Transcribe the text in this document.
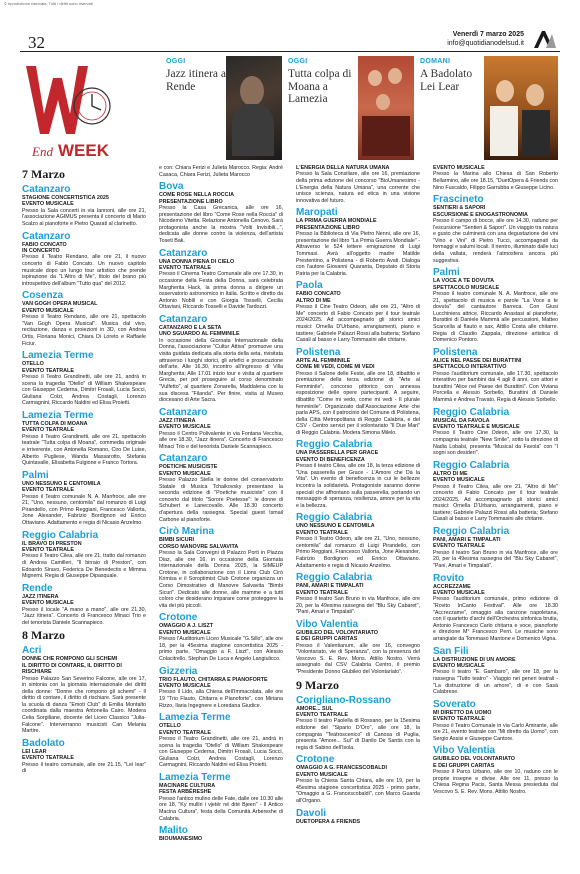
© riproduzione riservata. Tutti i diritti sono riservati
32	Venerdì 7 marzo 2025
info@quotidianodelsud.it
End WEEK
OGGI
Jazz itinera a Rende
OGGI
Tutta colpa di Moana a Lamezia
DOMANI
A Badolato Lei Lear
7 Marzo
Catanzaro
STAGIONE CONCERTISTICA 2025
EVENTO MUSICALE
Presso la Sala concerti in via Iannoni, alle ore 21, l'associazione AGIMUS presenta il concerto di Mario Scalzo al pianoforte e Pietro Quarati al clarinetto.
Catanzaro
FABIO CONCATO
IN CONCERTO
Presso il Teatro Rendano, alle ore 21, il nuovo concerto di Fabio Concato. Un nuovo capitolo musicale dopo un lungo tour artistico che prende ispirazione da "L'Altro di Me", titolo del brano più introspettivo dell'album "Tutto qua" del 2012.
Cosenza
VAN GOGH OPERA MUSICAL
EVENTO MUSICALE
Presso il Teatro Rendano, alle ore 21, spettacolo "Van Gogh Opera Musical". Musica dal vivo, recitazione, danza e proiezioni in 3D, con Andrea Ortis, Floriana Monici, Chiara Di Loreto e Raffaele Ficiur.
Lamezia Terme
OTELLO
EVENTO TEATRALE
Presso il Teatro Grandinetti, alle ore 21, andrà in scena la tragedia "Otello" di William Shakespeare con Giuseppe Cederna, Dimitri Frosali, Lucia Socci, Giuliana Colzi, Andrea Costagli, Lorenzo Carmagnini, Riccardo Naldini ed Elisa Proietti.
Lamezia Terme
TUTTA COLPA DI MOANA
EVENTO TEATRALE
Presso il Teatro Grandinetti, alle ore 21, spettacolo teatrale "Tutta colpa di Moana", commedia originale e irriverente, con Antonella Romano, Ciro De Luise, Alberto Pugliese, Wanda Massarotto, Stefania Quintavalle, Elisabetta Fulgione e Franco Tortora.
Palmi
UNO NESSUNO E CENTOMILA
EVENTO TEATRALE
Presso il Teatro comunale N. A. Manfroce, alle ore 21, "Uno, nessuno, centomila" dal romanzo di Luigi Pirandello, con Primo Reggiani, Francesco Vallorta, Jone Alexander, Fabrizio Bordignon ed Enrico Ottaviano. Adattamento e regia di Nicasio Anzelmo.
Reggio Calabria
IL BRAVO DI PRESTON
EVENTO TEATRALE
Presso il Teatro Cilea, alle ore 21, tratto dal romanzo di Andrea Camilleri, "Il birraio di Preston", con Edoardo Siravo, Federica De Benedectis e Mimma Mignemi. Regia di Giuseppe Dipasquale.
Rende
JAZZ ITINERA
EVENTO MUSICALE
Presso il locale "A mano a mano", alle ore 21.30, "Jazz itinera". Concerto di Francesco Minaci Trio e del tenorista Daniele Scannapieco.
8 Marzo
Acri
DONNE CHE ROMPONO GLI SCHEMI
IL DIRITTO DI CONTARE, IL DIRITTO DI RISCHIARE
Presso Palazzo San Severino Falcone, alle ore 17, in sintonia con la giornata internazionale dei diritti della donne: "Donne che rompono gli schemi" - Il diritto di contare, il diritto di rischiare. Sarà presente la scuola di danza "Emoti Club" di Emilia Montalto coordinata dalla maestra Antonella Cairo. Modera Celia Sorgiliane, docente del Liceo Classico "Julia-Falcone". Interverranno musicisti Can Melania Martire.
Badolato
LEI LEAR
EVENTO TEATRALE
Presso il teatro comunale, alle ore 21.15, "Lei lear" di
e con: Chiara Ferizi e Julieta Marocco. Regia: André Casaca, Chiara Ferizi, Julieta Marocco
Bova
COME ROSE NELLA ROCCIA
PRESENTAZIONE LIBRO
Presso la Casa Grecanica, alle ore 16, presentazione del libro "Come Rose nella Roccia" di Nicodemo Vitetta. Relazione Antonella Cenovo. Sarà protagonista anche la mostra "Volti Invisibili...", dedicata alle donne contro la violenza, dell'artista Toseti Bak.
Catanzaro
UNA DONNA PIENA DI CIELO
EVENTO TEATRALE
Presso il Cinema Teatro Comunale alle ore 17.30, in occasione della Festa della Donna, sarà celebrata Margherita Hack, la prima donna a dirigere un osservatorio astronomico in Italia. Scritto e diretto da Antonio Nobili e con Giorgia Tosselli, Cecilia Ottaviani, Riccardo Tosselli e Davide Tardozzi.
Catanzaro
CATANZARO E LA SETA
UNO SGUARDO AL FEMMINILE
In occasione della Giornata Internazionale della Donna, l'associazione "Cultur Attiva" promuove una visita guidata dedicata alla storia della seta, rivisitata attraverso i luoghi storici, gli artefici e prosecuzione dell'arte. Alle 16.30, incontro all'ingresso di Villa Margherita; Alle 17.01 inizio tour e visita al quartiere Grecia, per poi proseguire al corso denominato "Vulfetto", al quartiere Zonarella, Maddalena con la sua discesa "Filanda". Per finire, visita al Museo diocesano di Arte Sacra.
Catanzaro
JAZZ ITINERA
EVENTO MUSICALE
Presso il Centro Polivalente in via Fontana Vecchia, alle ore 18.30, "Jazz itinera". Concerto di Francesco Minaci Trio e del tenorista Daniele Scannapieco.
Catanzaro
POETICHE MUSICISTE
EVENTO MUSICALE
Presso Palazzo Stella le donne del conservatorio Statale di Musica Tchaikovsky presentano la seconda edizione di "Poetiche musiciste" con il concerto dal titolo "Sorore Poetesse": le donne di Schubert e Lanecovallo. Alle 18.30 concerto d'apertura della rassegna. Special guest Ismail Carbone al pianoforte.
Cirò Marina
BIMBI SICURI
CORSO MANOVRE SALVAVITA
Presso la Sala Convegni di Palazzo Porti in Piazza Diaz, alle ore 16, in occasione della Giornata Internazionale della Donna 2025, la SIMEUP Crotone, in collaborazione con il Lions Club Cirò Krimisa e il Soroptimist Club Crotone organizza un Corso Dimostrativo di Manovre Salvavita "Bimbi Sicuri". Dedicato alle donne, alle mamme e a tutti coloro che desiderano imparare come proteggere la vita dei più piccoli.
Crotone
OMAGGIO A J. LISZT
EVENTO MUSICALE
Presso l'Auditorium Liceo Musicale "G.Sillo", alle ore 18, per la 45esima stagione concertistica 2025 - primo parte, "Omaggio a F. Liszt", con Alessio Colacitrello, Stephan De Luca e Angelo Langiulicco.
Gizzeria
TRIO FLAUTO, CHITARRA E PIANOFORTE
EVENTO MUSICALE
Presso il Lido, alla Chiesa dell'Immacolata, alle ore 19 "Trio Flauto, Chitarra e Pianoforte", con Miriana Rizzo, Ilaria Ingegnere e Loredana Giudice.
Lamezia Terme
OTELLO
EVENTO TEATRALE
Presso il Teatro Grandinetti, alle ore 21, andrà in scena la tragedia "Otello" di William Shakespeare con Giuseppe Cederna, Dimitri Frosali, Lucia Socci, Giuliana Colzi, Andrea Costagli, Lorenzo Carmagnini, Riccardo Naldini ed Elisa Proietti.
Lamezia Terme
MACINARE CULTURA
FESTA ARBËRESHE
Presso l'antico mulino delle Fate, dalle ore 10.30 alle ore 18, "Ky mulliri i vjetër në ditë Bjeen" - Il Antico Macina Cultura", festa della Comunità Arbereshe di Calabria.
Malito
BIOUMANESIMO
L'ENERGIA DELLA NATURA UMANA
Presso la Sala Consiliare, alle ore 16, premiazione della prima edizione del concorso "BioUmanesimo - L'Energia della Natura Umana", una corrente che unisce scienza, natura ed etica in una visione innovativa del futuro.
Maropati
LA PRIMA GUERRA MONDIALE
PRESENTAZIONE LIBRO
Presso la Biblioteca di Via Pietro Nenni, alle ore 16, presentazione del libro "La Prima Guerra Mondiale" - Attraverso le 524 lettere emigrazione di Luigi Tommasi. Avrà all'oggetto madre Matilde Prestentino, a Polistena - di Roberto Avati. Dialoga con l'autore Giovanni Quaranta, Deputato di Storia Patria per la Calabria.
Paola
FABIO CONCATO
ALTRO DI ME
Presso il Cine Teatro Odeon, alle ore 21, "Altro di Me" concerto di Fabio Concato per il tour teatrale 2024/2025. Ad accompagnarlo gli storici amici musici: Ornella D'Urbano, arrangiamenti, piano e tastiere; Gabriele Palazzi Rossi alla batteria; Stefano Casali al basso e Larry Tommasini alle chitarre.
Polistena
ARTE AL FEMMINILE
COME MI VEDI, COME MI VEDI
Presso il Salone delle Feste, alle ore 18, dibattito e premiazione della terza edizione di "Arte al Femminile", concorso pittorico con annessa esposizione delle opere partecipanti. A seguire, dibattito "Come mi vedo, come mi vedi - Il plurale femminile". Organizzato dall'Associazione Arte che parla APS, con il patrocinio del Comune di Polistena, della Città Metropolitana di Reggio Calabria, e del CSV - Centro servizi per il volontariato "Il Due Mari" di Reggio Calabria. Modera Simona Milelo.
Reggio Calabria
UNA PASSERELLA PER GRACE
EVENTO DI BENEFICENZA
Presso il teatro Cilea, alle ore 18, la terza edizione di "Una passerella per Grace - L'Amore che Dà la Vita". Un evento di beneficenza in cui le bellezze incontra la solidarietà. Protagoniste saranno donne speciali che affrontano sulla passerella, portando un messaggio di speranza, resilienza, amore per la vita e la bellezza.
Reggio Calabria
UNO NESSUNO E CENTOMILA
EVENTO TEATRALE
Presso il Teatro Odeon, alle ore 21, "Uno, nessuno, centomila" dal romanzo di Luigi Pirandello, con Primo Reggiani, Francesco Vallorta, Jone Alexander, Fabrizio Bordignon ed Enrico Ottaviano. Adattamento e regia di Nicasio Anzelmo.
Reggio Calabria
PANI, AMARI E TIMPALATI
EVENTO TEATRALE
Presso il teatro San Bruno in via Manfroce, alle ore 20, per la 49esima rassegna del "Blu Sky Cabaret", "Pani, Amari e Timpalati".
Vibo Valentia
GIUBILEO DEL VOLONTARIATO
E DEI GRUPPI CARITAS
Presso il Valentianum, alle ore 16, convegno "Volontariato, vie di Speranza", con la presenza del Vescovo S. E. Rev. Mons. Attilio Nostro. Verrà assegnato dal CSV Calabria Centro, il premio "Presidente Donno Giubileo del Volontariato".
9 Marzo
Corigliano-Rossano
AMORE... SUL
EVENTO TEATRALE
Presso il teatro Paolella di Rossano, per la 15esima edizione del "Sipario D'Oro", alle ore 18, la compagnia "Teatroscenico" di Canosa di Puglia, presenta "Amore... Sul" di Danilo De Santis con la regia di Sabino dell'Isola.
Crotone
OMAGGIO A G. FRANCESCOBALDI
EVENTO MUSICALE
Presso la Chiesa Santa Chiara, alle ore 19, per la 45esima stagione concertistica 2025 - primo parte, "Omaggio a G. Francescobaldi", con Marco Guarda all'Organo.
Davoli
DUETOPERA & FRIENDS
EVENTO MUSICALE
Presso la Marina allo Chiesa di San Roberto Bellarmino, alle ore 18.15, "DuetOpera & Friends con Nino Fuscaldo, Filippo Garrubba e Giuseppe Licino.
Frascineto
SENTIERI & SAPORI
ESCURSIONE E ENOGASTRONOMIA
Presso il campo di bocce, alle ore 14.30, raduno per l'escursione "Sentieri & Sapori". Un viaggio tra natura e gusto che culminerà con una degustazione dei vini "Vino e Vini" di Pietro Tucci, accompagnati da formaggi e salumi locali. Il rientro, illuminato dalle luci della vallata, renderà l'atmosfera ancora più suggestiva.
Palmi
LA VOCE A TE DOVUTA
SPETTACOLO MUSICALE
Presso il teatro comunale N. A. Manfroce, alle ore 21, spettacolo di musica e parole "La Voce a te dovuta" del cantautore Barreca. Con Giusi Lucchiniera attrice, Riccardo Anastasi al pianoforte, Burattini di Daniele Mammà alle percussioni, Matteo Scarcella al flauto e sax, Attilio Costa alle chitarre. Regia di Claudio Zappala, direzione artistica di Domenico Pontoro.
Polistena
ALICE NEL PAESE DEI BURATTINI
SPETTACOLO INTERATTIVO
Presso l'auditorium comunale, alle 17.30, spettacolo interattivo per bambini dai 4 agli 8 anni, con attori e burattini "Alice nel Paese dei Burattini". Con Viviana Porcella e Alessio Sorbello, Burattini di Daniele Mammà e Andrea Travato. Regia di Alessio Sorbello.
Reggio Calabria
MUSICAL DA FAVOLA
EVENTO TEATRALE E MUSICALE
Presso il Teatro Cine Odeon, alle ore 17.30, la compagnia teatrale "New Smile", sotto la direzione di Nadia Lobalsi, presenta "Musical da Favola" con "I sogni son desideri".
Reggio Calabria
ALTRO DI ME
EVENTO MUSICALE
Presso il Teatro Cilea, alle ore 21, "Altro di Me" concerto di Fabio Concato per il tour teatrale 2024/2025. Ad accompagnarlo gli storici amici musici: Ornella D'Urbano, arrangiamenti, piano e tastiere; Gabriele Palazzi Rossi alla batteria; Stefano Casali al basso e Larry Tommasini alle chitarre.
Reggio Calabria
PANI, AMARI E TIMPALATI
EVENTO TEATRALE
Presso il teatro San Bruno in via Manfroce, alle ore 20, per la 49esima rassegna del "Blu Sky Cabaret", "Pani, Amari e Timpalati".
Rovito
ACCREZZAME
EVENTO MUSICALE
Presso l'auditorium comunale, primo edizione di "Rovito InCanto Festival". Alle ore 18.30 "Accrezzame", omaggio alla canzone napoletana, con il quartetto d'archi dell'Orchestra sinfonica brutia, Antonio Francesco Carlo chitarra e voce, pianoforte e direzione M° Francesco Perri. Le musiche sono arrangiate da Tommaso Mantone e Domenico Vigna.
San Fili
LA DISTRUZIONE DI UN AMORE
EVENTO MUSICALE
Presso il teatro "E. Gambaro", alle ore 18, per la rassegna "Tutto teatro" - Viaggio nei generi teatrali - "La distruzione di un amore", di e con Sasà Calabrese.
Soverato
MI DIRETTO DA UOMO
EVENTO TEATRALE
Presso il Teatro Comunale in via Carlo Amirante, alle ore 21, evento teatrale con "Mi diretto da Uomo", con Sergio Assisi e Giuseppe Cantore.
Vibo Valentia
GIUBILEO DEL VOLONTARIATO
E DEI GRUPPI CARITAS
Presso il Parco Urbano, alle ore 10, raduno con le proprie insegne e divise. Alle ore 11, presso la Chiesa Regina Pacis, Santa Messa presieduta dal Vescovo S. E. Rev. Mons. Attilio Nostro.
